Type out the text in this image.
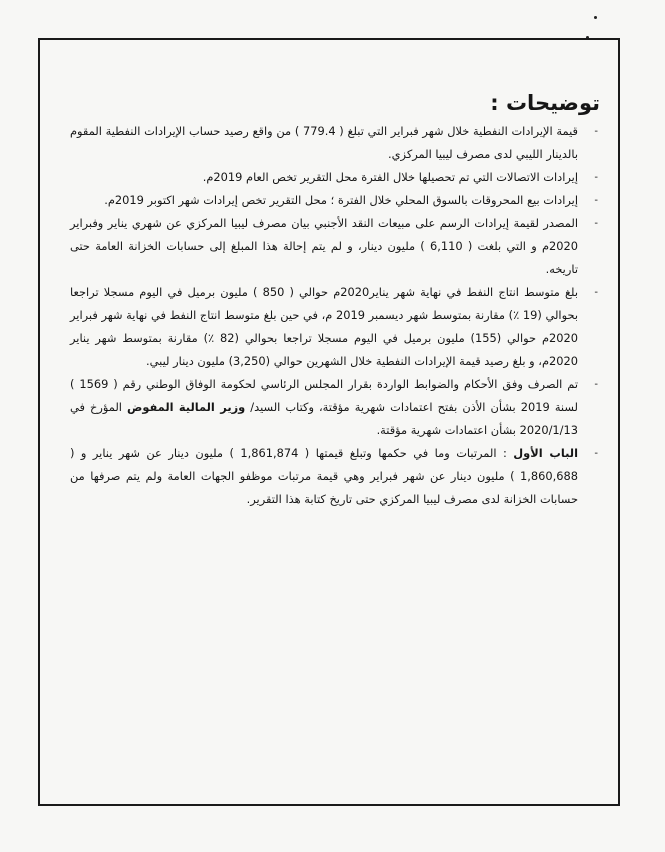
توضيحات :
-
قيمة الإيرادات النفطية خلال شهر فبراير التي تبلغ ( 779.4 ) من واقع رصيد حساب الإيرادات النفطية المقوم بالدينار الليبي لدى مصرف ليبيا المركزي.
-
إيرادات الاتصالات التي تم تحصيلها خلال الفترة محل التقرير تخص العام 2019م.
-
إيرادات بيع المحروقات بالسوق المحلي خلال الفترة ؛ محل التقرير تخص إيرادات شهر اكتوبر 2019م.
-
المصدر لقيمة إيرادات الرسم على مبيعات النقد الأجنبي بيان مصرف ليبيا المركزي عن شهري يناير وفبراير 2020م و التي بلغت ( 6,110 ) مليون دينار، و لم يتم إحالة هذا المبلغ إلى حسابات الخزانة العامة حتى تاريخه.
-
بلغ متوسط انتاج النفط في نهاية شهر يناير2020م حوالي ( 850 ) مليون برميل في اليوم مسجلا تراجعا بحوالي (19 ٪) مقارنة بمتوسط شهر ديسمبر 2019 م، في حين بلغ متوسط انتاج النفط في نهاية شهر فبراير 2020م حوالي (155) مليون برميل في اليوم مسجلا تراجعا بحوالي (82 ٪) مقارنة بمتوسط شهر يناير 2020م، و بلغ رصيد قيمة الإيرادات النفطية خلال الشهرين حوالي (3,250) مليون دينار ليبي.
-
تم الصرف وفق الأحكام والضوابط الواردة بقرار المجلس الرئاسي لحكومة الوفاق الوطني رقم ( 1569 ) لسنة 2019 بشأن الأذن بفتح اعتمادات شهرية مؤقتة، وكتاب السيد/ وزير المالية المفوض المؤرخ في 2020/1/13 بشأن اعتمادات شهرية مؤقتة.
-
الباب الأول : المرتبات وما في حكمها وتبلغ قيمتها ( 1,861,874 ) مليون دينار عن شهر يناير و ( 1,860,688 ) مليون دينار عن شهر فبراير وهي قيمة مرتبات موظفو الجهات العامة ولم يتم صرفها من حسابات الخزانة لدى مصرف ليبيا المركزي حتى تاريخ كتابة هذا التقرير.
